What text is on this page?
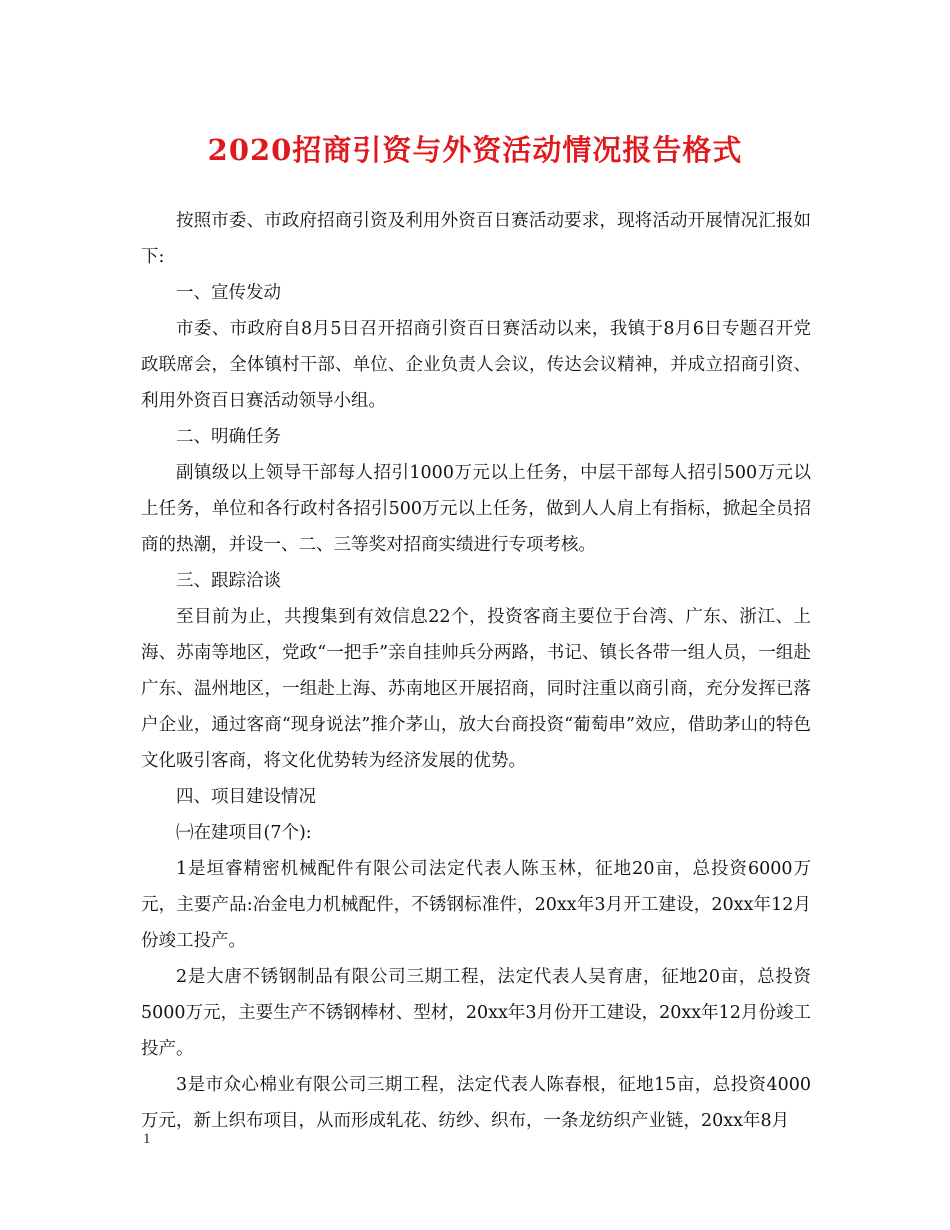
2020招商引资与外资活动情况报告格式

按照市委、市政府招商引资及利用外资百日赛活动要求，现将活动开展情况汇报如下:

一、宣传发动

市委、市政府自8月5日召开招商引资百日赛活动以来，我镇于8月6日专题召开党政联席会，全体镇村干部、单位、企业负责人会议，传达会议精神，并成立招商引资、利用外资百日赛活动领导小组。

二、明确任务

副镇级以上领导干部每人招引1000万元以上任务，中层干部每人招引500万元以上任务，单位和各行政村各招引500万元以上任务，做到人人肩上有指标，掀起全员招商的热潮，并设一、二、三等奖对招商实绩进行专项考核。

三、跟踪洽谈

至目前为止，共搜集到有效信息22个，投资客商主要位于台湾、广东、浙江、上海、苏南等地区，党政“一把手”亲自挂帅兵分两路，书记、镇长各带一组人员，一组赴广东、温州地区，一组赴上海、苏南地区开展招商，同时注重以商引商，充分发挥已落户企业，通过客商“现身说法”推介茅山，放大台商投资“葡萄串”效应，借助茅山的特色文化吸引客商，将文化优势转为经济发展的优势。

四、项目建设情况

㈠在建项目(7个):

1是垣睿精密机械配件有限公司法定代表人陈玉林，征地20亩，总投资6000万元，主要产品:冶金电力机械配件，不锈钢标准件，20xx年3月开工建设，20xx年12月份竣工投产。

2是大唐不锈钢制品有限公司三期工程，法定代表人吴育唐，征地20亩，总投资5000万元，主要生产不锈钢棒材、型材，20xx年3月份开工建设，20xx年12月份竣工投产。

3是市众心棉业有限公司三期工程，法定代表人陈春根，征地15亩，总投资4000万元，新上织布项目，从而形成轧花、纺纱、织布，一条龙纺织产业链，20xx年8月

1
